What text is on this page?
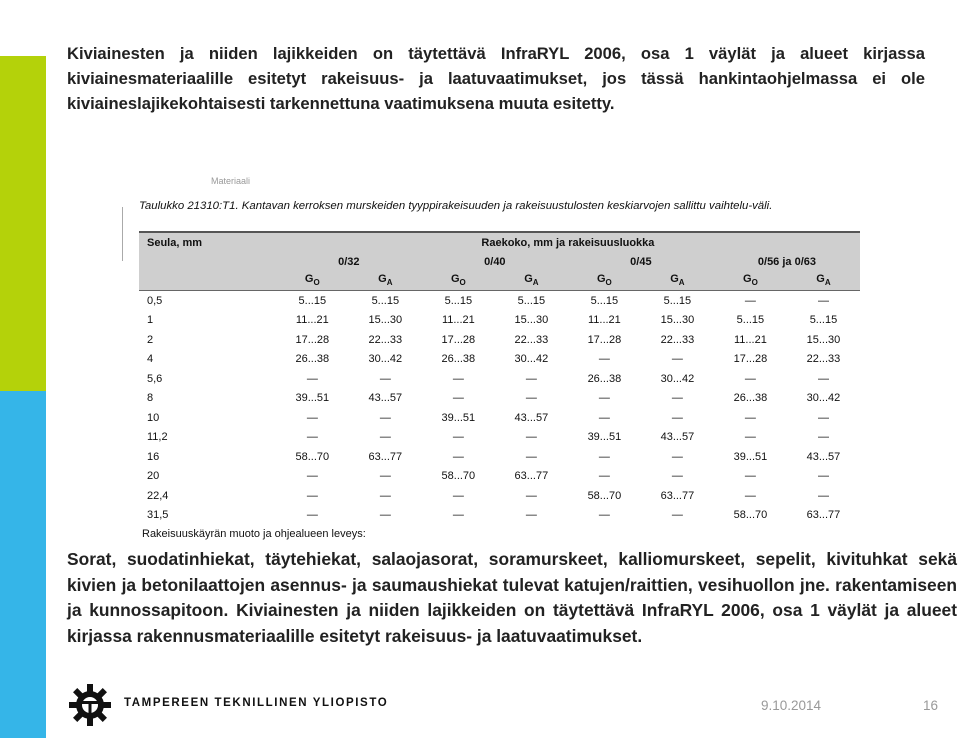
Kiviainesten ja niiden lajikkeiden on täytettävä InfraRYL 2006, osa 1 väylät ja alueet kirjassa kiviainesmateriaalille esitetyt rakeisuus- ja laatuvaatimukset, jos tässä hankintaohjelmassa ei ole kiviaineslajikekohtaisesti tarkennettuna vaatimuksena muuta esitetty.
Materiaali
Taulukko 21310:T1. Kantavan kerroksen murskeiden tyyppirakeisuuden ja rakeisuustulosten keskiarvojen sallittu vaihtelu-väli.
Seula, mm	Raekoko, mm ja rakeisuusluokka							
	0/32		0/40		0/45		0/56 ja 0/63	
	$G_O$	$G_A$	$G_O$	$G_A$	$G_O$	$G_A$	$G_O$	$G_A$
0,5	5...15	5...15	5...15	5...15	5...15	5...15	—	—
1	11...21	15...30	11...21	15...30	11...21	15...30	5...15	5...15
2	17...28	22...33	17...28	22...33	17...28	22...33	11...21	15...30
4	26...38	30...42	26...38	30...42	—	—	17...28	22...33
5,6	—	—	—	—	26...38	30...42	—	—
8	39...51	43...57	—	—	—	—	26...38	30...42
10	—	—	39...51	43...57	—	—	—	—
11,2	—	—	—	—	39...51	43...57	—	—
16	58...70	63...77	—	—	—	—	39...51	43...57
20	—	—	58...70	63...77	—	—	—	—
22,4	—	—	—	—	58...70	63...77	—	—
31,5	—	—	—	—	—	—	58...70	63...77
Rakeisuuskäyrän muoto ja ohjealueen leveys:
Sorat, suodatinhiekat, täytehiekat, salaojasorat, soramurskeet, kalliomurskeet, sepelit, kivituhkat sekä kivien ja betonilaattojen asennus- ja saumaushiekat tulevat katujen/raittien, vesihuollon jne. rakentamiseen ja kunnossapitoon. Kiviainesten ja niiden lajikkeiden on täytettävä InfraRYL 2006, osa 1 väylät ja alueet kirjassa rakennusmateriaalille esitetyt rakeisuus- ja laatuvaatimukset.
TAMPEREEN TEKNILLINEN YLIOPISTO	9.10.2014	16
